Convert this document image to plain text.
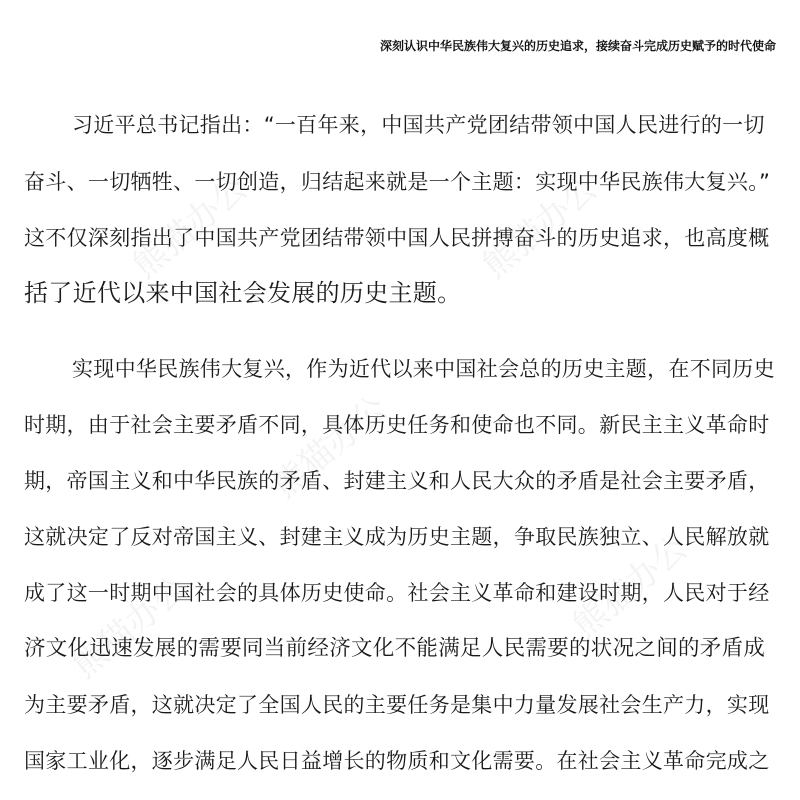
熊猫办公	熊猫办公
熊猫办公
熊猫办公
熊猫办公
深刻认识中华民族伟大复兴的历史追求，接续奋斗完成历史赋予的时代使命
习近平总书记指出：“一百年来，中国共产党团结带领中国人民进行的一切
奋斗、一切牺牲、一切创造，归结起来就是一个主题：实现中华民族伟大复兴。”
这不仅深刻指出了中国共产党团结带领中国人民拼搏奋斗的历史追求，也高度概
括了近代以来中国社会发展的历史主题。
实现中华民族伟大复兴，作为近代以来中国社会总的历史主题，在不同历史
时期，由于社会主要矛盾不同，具体历史任务和使命也不同。新民主主义革命时
期，帝国主义和中华民族的矛盾、封建主义和人民大众的矛盾是社会主要矛盾，
这就决定了反对帝国主义、封建主义成为历史主题，争取民族独立、人民解放就
成了这一时期中国社会的具体历史使命。社会主义革命和建设时期，人民对于经
济文化迅速发展的需要同当前经济文化不能满足人民需要的状况之间的矛盾成
为主要矛盾，这就决定了全国人民的主要任务是集中力量发展社会生产力，实现
国家工业化，逐步满足人民日益增长的物质和文化需要。在社会主义革命完成之
